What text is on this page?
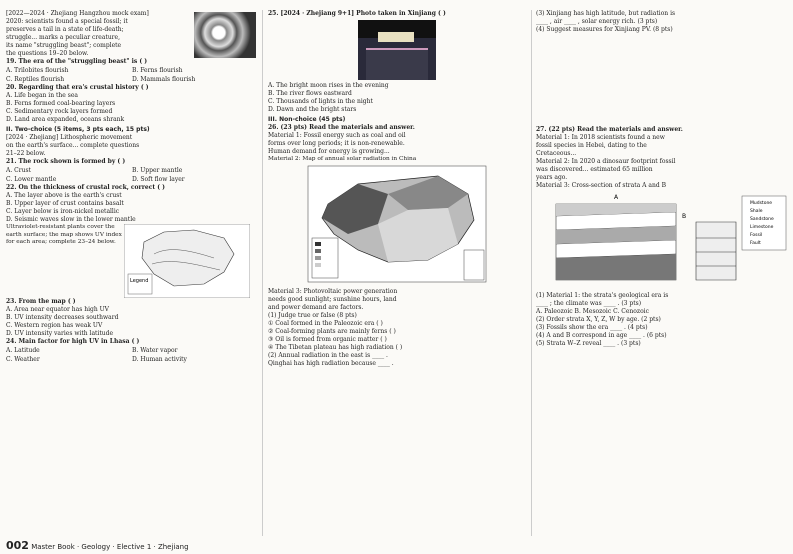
[2022—2024 · Zhejiang Hangzhou mock exam]
2020: scientists found a special fossil; it
preserves a tail in a state of life-death;
struggle... marks a peculiar creature,
its name "struggling beast"; complete
the questions 19–20 below.
19. The era of the "struggling beast" is ( )
A. Trilobites flourish	B. Ferns flourish
C. Reptiles flourish	D. Mammals flourish
20. Regarding that era's crustal history ( )
A. Life began in the sea
B. Ferns formed coal-bearing layers
C. Sedimentary rock layers formed
D. Land area expanded, oceans shrank
II. Two-choice (5 items, 3 pts each, 15 pts)
[2024 · Zhejiang] Lithospheric movement
on the earth's surface... complete questions
21–22 below.
21. The rock shown is formed by ( )
A. Crust	B. Upper mantle
C. Lower mantle	D. Soft flow layer
22. On the thickness of crustal rock, correct ( )
A. The layer above is the earth's crust
B. Upper layer of crust contains basalt
C. Layer below is iron-nickel metallic
D. Seismic waves slow in the lower mantle
Ultraviolet-resistant plants cover the
earth surface; the map shows UV index
for each area; complete 23–24 below.
Legend
23. From the map ( )
A. Area near equator has high UV
B. UV intensity decreases southward
C. Western region has weak UV
D. UV intensity varies with latitude
24. Main factor for high UV in Lhasa ( )
A. Latitude	B. Water vapor
C. Weather	D. Human activity
25. [2024 · Zhejiang 9+1] Photo taken in Xinjiang ( )
A. The bright moon rises in the evening
B. The river flows eastward
C. Thousands of lights in the night
D. Dawn and the bright stars
III. Non-choice (45 pts)
26. (23 pts) Read the materials and answer.
Material 1: Fossil energy such as coal and oil
forms over long periods; it is non-renewable.
Human demand for energy is growing...
Material 2: Map of annual solar radiation in China
Material 3: Photovoltaic power generation
needs good sunlight; sunshine hours, land
and power demand are factors.
(1) Judge true or false (8 pts)
① Coal formed in the Paleozoic era ( )
② Coal-forming plants are mainly ferns ( )
③ Oil is formed from organic matter ( )
④ The Tibetan plateau has high radiation ( )
(2) Annual radiation in the east is ____ .
Qinghai has high radiation because ____ .
(3) Xinjiang has high latitude, but radiation is
____ , air ____ , solar energy rich. (3 pts)
(4) Suggest measures for Xinjiang PV. (8 pts)
27. (22 pts) Read the materials and answer.
Material 1: In 2018 scientists found a new
fossil species in Hebei, dating to the
Cretaceous...
Material 2: In 2020 a dinosaur footprint fossil
was discovered... estimated 65 million
years ago.
Material 3: Cross-section of strata A and B
A
B
Mudstone
Shale
Sandstone
Limestone
Fossil
Fault
(1) Material 1: the strata's geological era is
____ ; the climate was ____ . (3 pts)
A. Paleozoic B. Mesozoic C. Cenozoic
(2) Order strata X, Y, Z, W by age. (2 pts)
(3) Fossils show the era ____ . (4 pts)
(4) A and B correspond in age ____ . (6 pts)
(5) Strata W–Z reveal ____ . (3 pts)
002 Master Book · Geology · Elective 1 · Zhejiang
